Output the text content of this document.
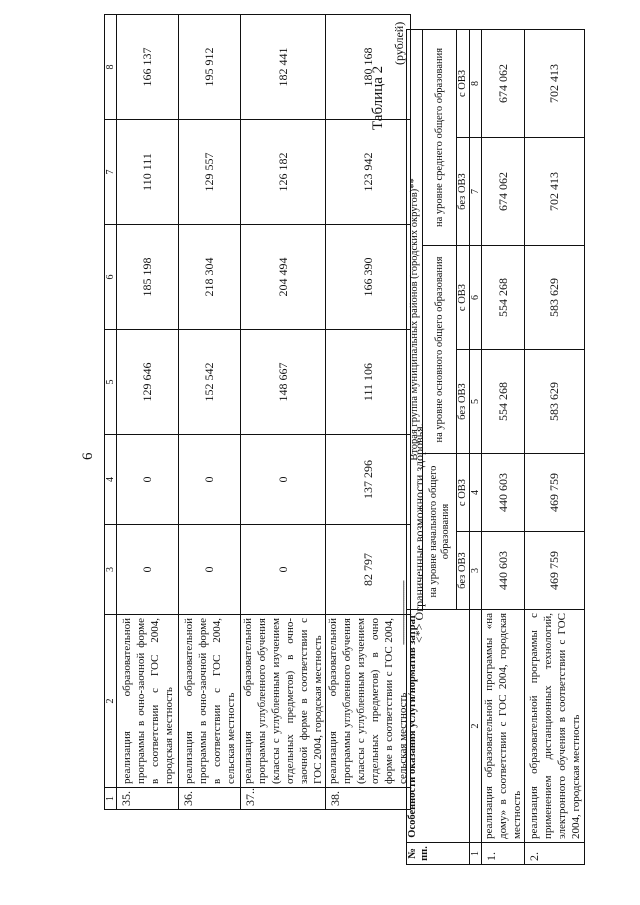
6
1	2	3	4	5	6	7	8
35.	реализация образовательной программы в очно-заочной форме в соответствии с ГОС 2004, городская местность	0	0	129 646	185 198	110 111	166 137
36.	реализация образовательной программы в очно-заочной форме в соответствии с ГОС 2004, сельская местность	0	0	152 542	218 304	129 557	195 912
37..	реализация образовательной программы углубленного обучения (классы с углубленным изучением отдельных предметов) в очно-заочной форме в соответствии с ГОС 2004, городская местность	0	0	148 667	204 494	126 182	182 441
38.	реализация образовательной программы углубленного обучения (классы с углубленным изучением отдельных предметов) в очно форме в соответствии с ГОС 2004, сельская местность	82 797	137 296	111 106	166 390	123 942	180 168
-------------------------------- <*> Ограниченные возможности здоровья.
Таблица 2
(рублей)
№ пп.	Особенности оказания услуги/норматив затрат	Вторая группа муниципальных районов (городских округов)**					
		на уровне начального общего образования		на уровне основного общего образования		на уровне среднего общего образования	
		без ОВЗ	с ОВЗ	без ОВЗ	с ОВЗ	без ОВЗ	с ОВЗ
1	2	3	4	5	6	7	8
1.	реализация образовательной программы «на дому» в соответствии с ГОС 2004, городская местность	440 603	440 603	554 268	554 268	674 062	674 062
2.	реализация образовательной программы с применением дистанционных технологий, электронного обучения в соответствии с ГОС 2004, городская местность	469 759	469 759	583 629	583 629	702 413	702 413
